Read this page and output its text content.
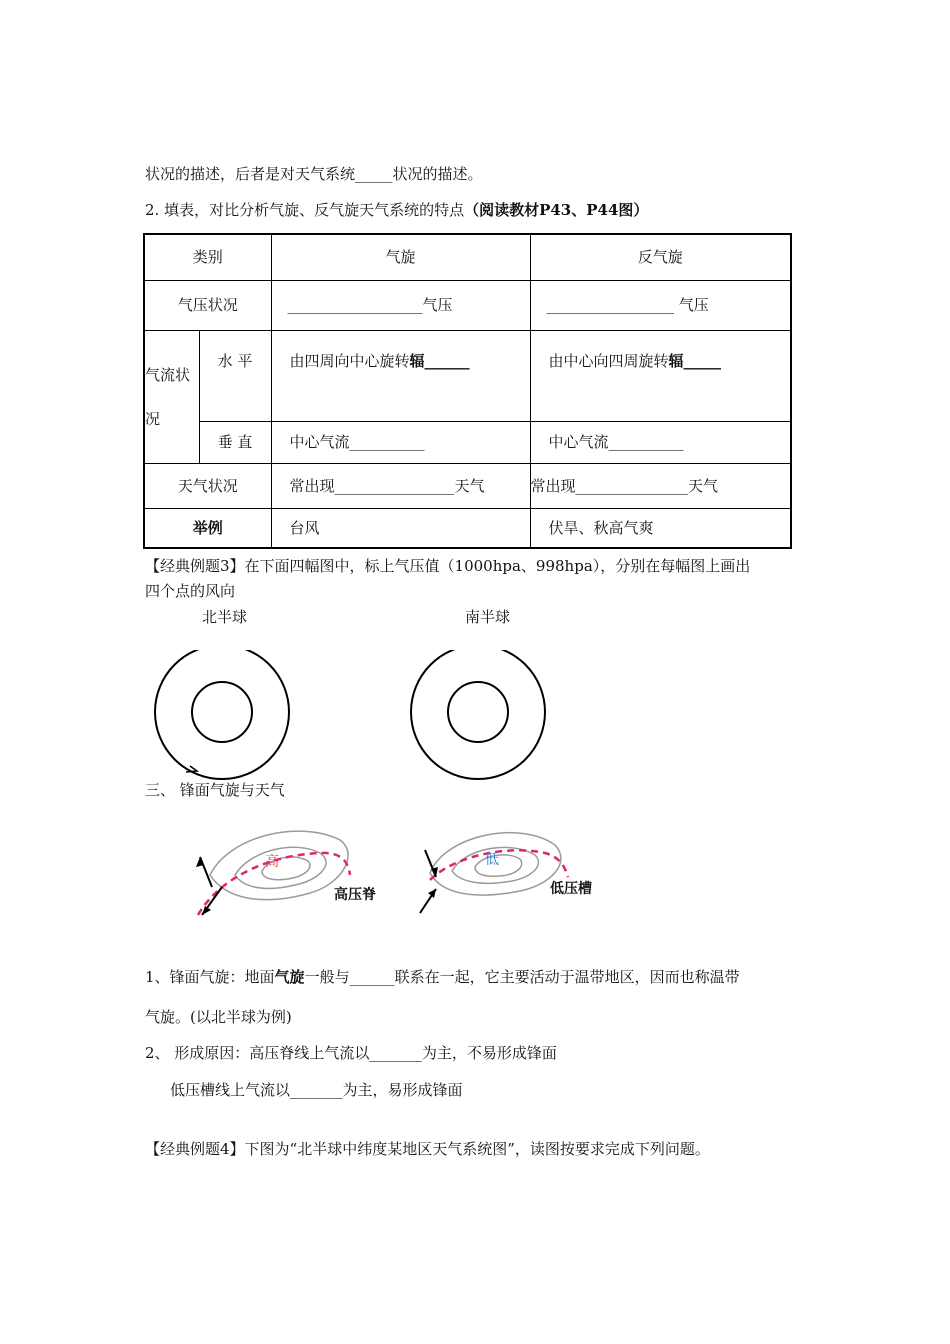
状况的描述，后者是对天气系统_____状况的描述。
2. 填表，对比分析气旋、反气旋天气系统的特点（阅读教材P43、P44图）
类别		气旋	反气旋
气压状况		__________________气压	_________________ 气压
气流状况	水 平	由四周向中心旋转辐______	由中心向四周旋转辐_____
	垂 直	中心气流__________	中心气流__________
天气状况		常出现________________天气	常出现_______________天气
举例		台风	伏旱、秋高气爽
【经典例题3】在下面四幅图中，标上气压值（1000hpa、998hpa），分别在每幅图上画出
四个点的风向
北半球	南半球
三、 锋面气旋与天气
高	低
高压脊	低压槽
1、锋面气旋：地面气旋一般与______联系在一起，它主要活动于温带地区，因而也称温带
气旋。(以北半球为例)
2、 形成原因：高压脊线上气流以_______为主，不易形成锋面
低压槽线上气流以_______为主，易形成锋面
【经典例题4】下图为“北半球中纬度某地区天气系统图”，读图按要求完成下列问题。
